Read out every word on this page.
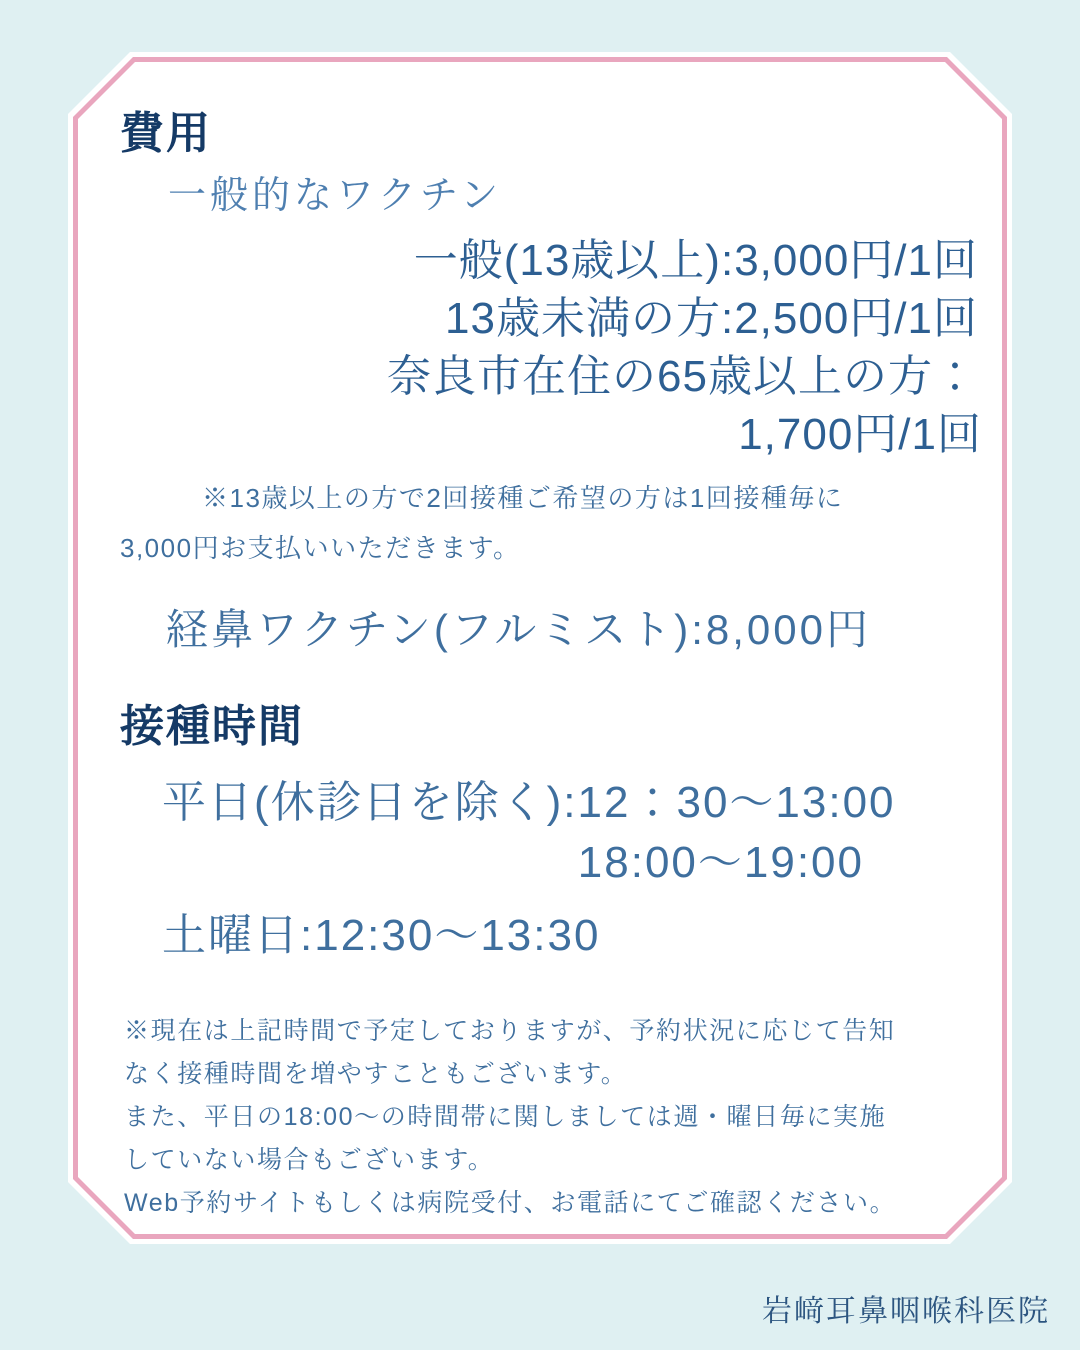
費用
一般的なワクチン
一般(13歳以上):3,000円/1回
13歳未満の方:2,500円/1回
奈良市在住の65歳以上の方：
1,700円/1回
※13歳以上の方で2回接種ご希望の方は1回接種毎に
3,000円お支払いいただきます。
経鼻ワクチン(フルミスト):8,000円
接種時間
平日(休診日を除く):12：30〜13:00
18:00〜19:00
土曜日:12:30〜13:30
※現在は上記時間で予定しておりますが、予約状況に応じて告知
なく接種時間を増やすこともございます。
また、平日の18:00〜の時間帯に関しましては週・曜日毎に実施
していない場合もございます。
Web予約サイトもしくは病院受付、お電話にてご確認ください。
岩﨑耳鼻咽喉科医院
